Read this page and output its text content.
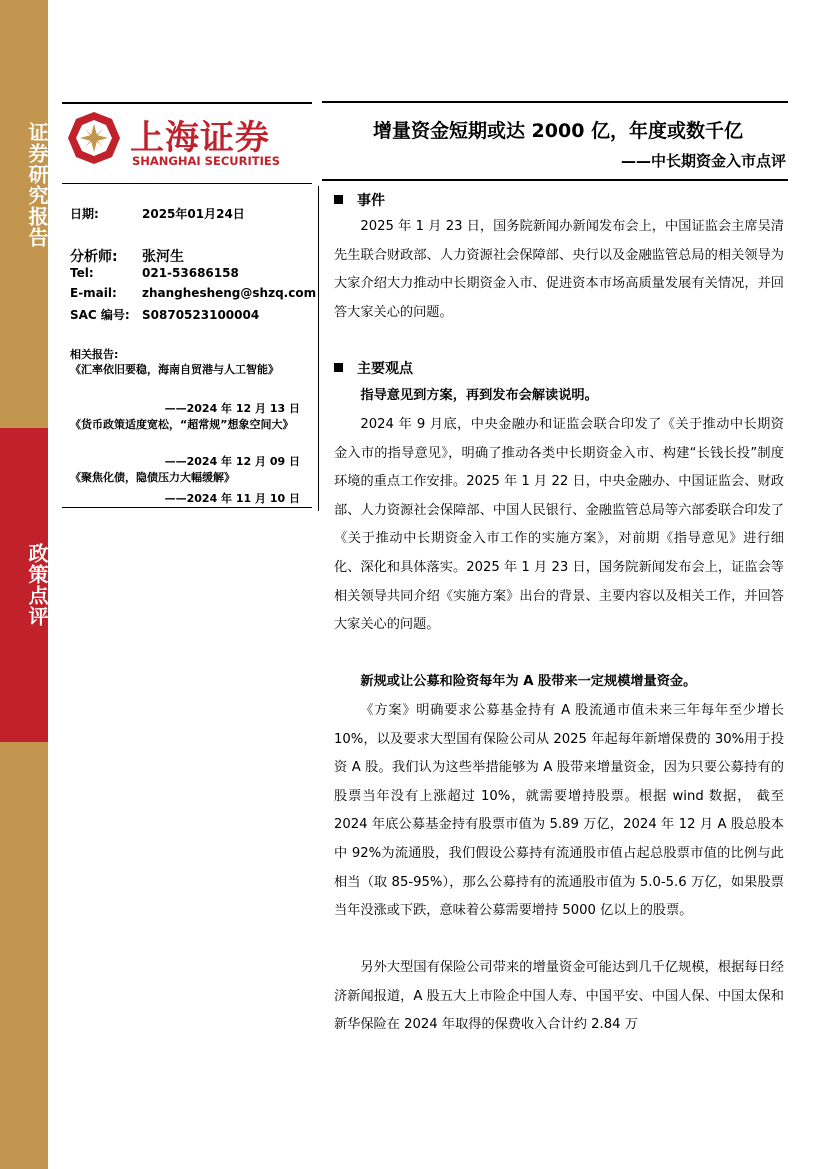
证券研究报告
政策点评
上海证券
SHANGHAI SECURITIES
增量资金短期或达 2000 亿，年度或数千亿
——中长期资金入市点评
日期:	2025年01月24日
分析师: 张河生
Tel:	021-53686158
E-mail: zhanghesheng@shzq.com
SAC 编号: S0870523100004
相关报告:
《汇率依旧要稳，海南自贸港与人工智能》
——2024 年 12 月 13 日
《货币政策适度宽松，“超常规”想象空间大》
——2024 年 12 月 09 日
《聚焦化债，隐债压力大幅缓解》
——2024 年 11 月 10 日
事件
2025 年 1 月 23 日，国务院新闻办新闻发布会上，中国证监会主席吴清先生联合财政部、人力资源社会保障部、央行以及金融监管总局的相关领导为大家介绍大力推动中长期资金入市、促进资本市场高质量发展有关情况，并回答大家关心的问题。
主要观点
指导意见到方案，再到发布会解读说明。
2024 年 9 月底，中央金融办和证监会联合印发了《关于推动中长期资金入市的指导意见》，明确了推动各类中长期资金入市、构建“长钱长投”制度环境的重点工作安排。2025 年 1 月 22 日，中央金融办、中国证监会、财政部、人力资源社会保障部、中国人民银行、金融监管总局等六部委联合印发了《关于推动中长期资金入市工作的实施方案》，对前期《指导意见》进行细化、深化和具体落实。2025 年 1 月 23 日，国务院新闻发布会上，证监会等相关领导共同介绍《实施方案》出台的背景、主要内容以及相关工作，并回答大家关心的问题。
新规或让公募和险资每年为 A 股带来一定规模增量资金。
《方案》明确要求公募基金持有 A 股流通市值未来三年每年至少增长 10%，以及要求大型国有保险公司从 2025 年起每年新增保费的 30%用于投资 A 股。我们认为这些举措能够为 A 股带来增量资金，因为只要公募持有的股票当年没有上涨超过 10%，就需要增持股票。根据 wind 数据， 截至 2024 年底公募基金持有股票市值为 5.89 万亿，2024 年 12 月 A 股总股本中 92%为流通股，我们假设公募持有流通股市值占起总股票市值的比例与此相当（取 85-95%），那么公募持有的流通股市值为 5.0-5.6 万亿，如果股票当年没涨或下跌，意味着公募需要增持 5000 亿以上的股票。
另外大型国有保险公司带来的增量资金可能达到几千亿规模，根据每日经济新闻报道，A 股五大上市险企中国人寿、中国平安、中国人保、中国太保和新华保险在 2024 年取得的保费收入合计约 2.84 万
